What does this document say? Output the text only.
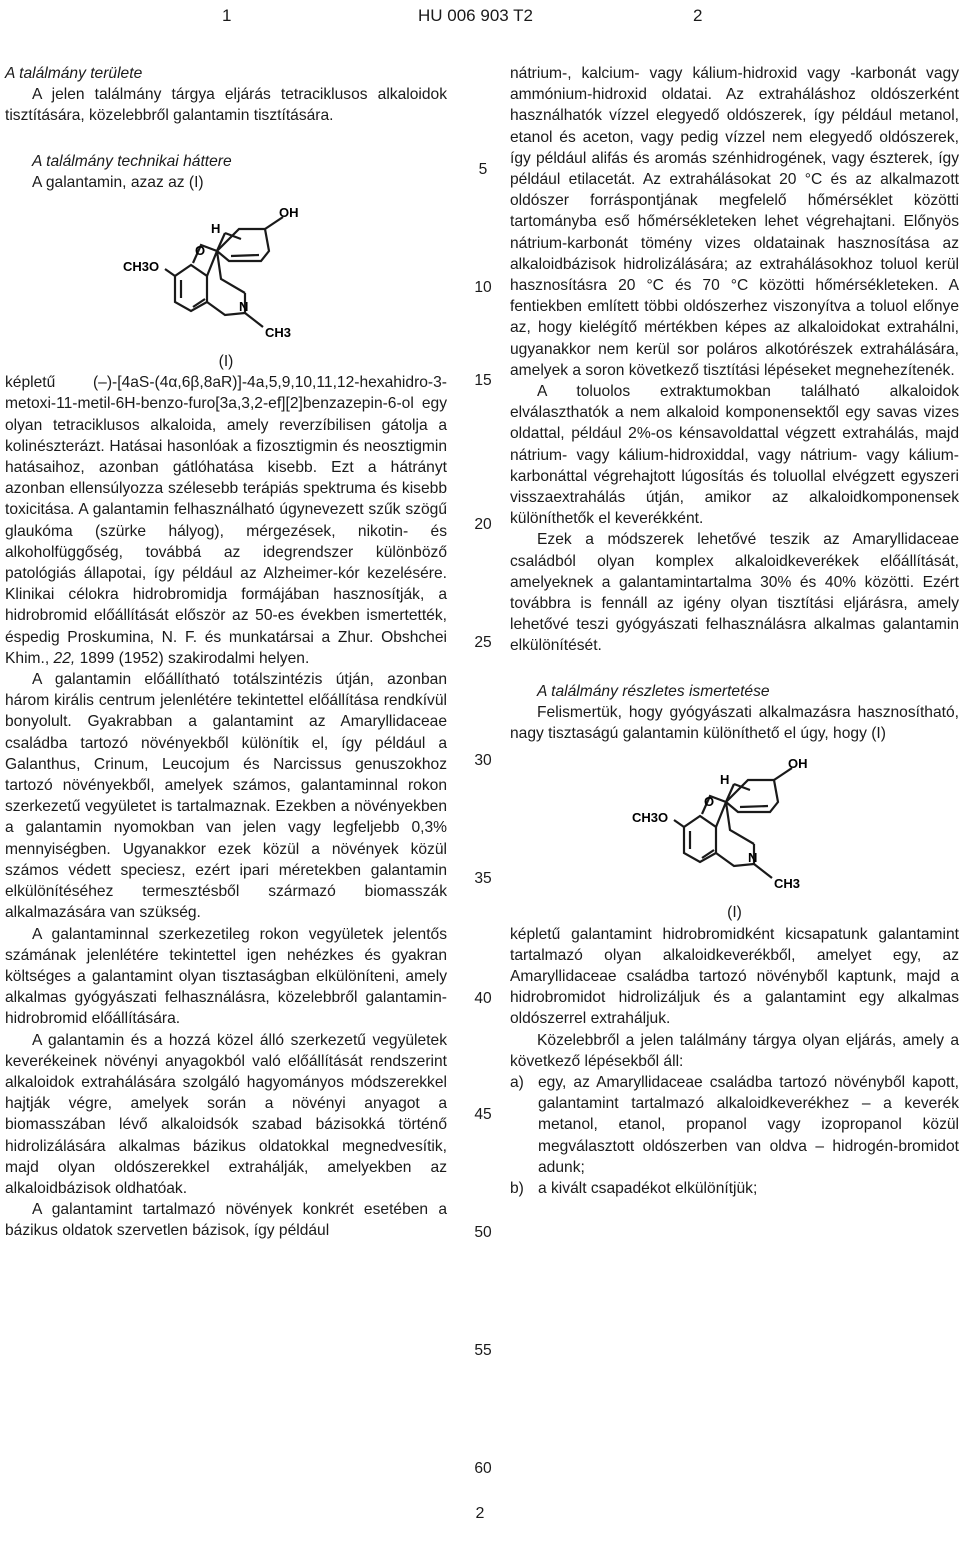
1	HU 006 903 T2	2
5
10
15
20
25
30
35
40
45
50
55
60

A találmány területe

A jelen találmány tárgya eljárás tetraciklusos alkaloidok tisztítására, közelebbről galantamin tisztítására.

A találmány technikai háttere

A galantamin, azaz az (I)

OH
H
O
CH3O
N
CH3

(I)

képletű (–)-[4aS-(4α,6β,8aR)]-4a,5,9,10,11,12-hexahidro-3-metoxi-11-metil-6H-benzo-furo[3a,3,2-ef][2]benzazepin-6-ol egy olyan tetraciklusos alkaloida, amely reverzíbilisen gátolja a kolinészterázt. Hatásai hasonlóak a fizosztigmin és neosztigmin hatásaihoz, azonban gátlóhatása kisebb. Ezt a hátrányt azonban ellensúlyozza szélesebb terápiás spektruma és kisebb toxicitása. A galantamin felhasználható úgynevezett szűk szögű glaukóma (szürke hályog), mérgezések, nikotin- és alkoholfüggőség, továbbá az idegrendszer különböző patológiás állapotai, így például az Alzheimer-kór kezelésére. Klinikai célokra hidrobromidja formájában hasznosítják, a hidrobromid előállítását először az 50-es években ismertették, éspedig Proskumina, N. F. és munkatársai a Zhur. Obshchei Khim., 22, 1899 (1952) szakirodalmi helyen.

A galantamin előállítható totálszintézis útján, azonban három királis centrum jelenlétére tekintettel előállítása rendkívül bonyolult. Gyakrabban a galantamint az Amaryllidaceae családba tartozó növényekből különítik el, így például a Galanthus, Crinum, Leucojum és Narcissus genuszokhoz tartozó növényekből, amelyek számos, galantaminnal rokon szerkezetű vegyületet is tartalmaznak. Ezekben a növényekben a galantamin nyomokban van jelen vagy legfeljebb 0,3% mennyiségben. Ugyanakkor ezek közül a növények közül számos védett speciesz, ezért ipari méretekben galantamin elkülönítéséhez termesztésből származó biomasszák alkalmazására van szükség.

A galantaminnal szerkezetileg rokon vegyületek jelentős számának jelenlétére tekintettel igen nehézkes és gyakran költséges a galantamint olyan tisztaságban elkülöníteni, amely alkalmas gyógyászati felhasználásra, közelebbről galantamin-hidrobromid előállítására.

A galantamin és a hozzá közel álló szerkezetű vegyületek keverékeinek növényi anyagokból való előállítását rendszerint alkaloidok extrahálására szolgáló hagyományos módszerekkel hajtják végre, amelyek során a növényi anyagot a biomasszában lévő alkaloidsók szabad bázisokká történő hidrolizálására alkalmas bázikus oldatokkal megnedvesítik, majd olyan oldószerekkel extrahálják, amelyekben az alkaloidbázisok oldhatóak.

A galantamint tartalmazó növények konkrét esetében a bázikus oldatok szervetlen bázisok, így például

nátrium-, kalcium- vagy kálium-hidroxid vagy -karbonát vagy ammónium-hidroxid oldatai. Az extraháláshoz oldószerként használhatók vízzel elegyedő oldószerek, így például metanol, etanol és aceton, vagy pedig vízzel nem elegyedő oldószerek, így például alifás és aromás szénhidrogének, vagy észterek, így például etilacetát. Az extrahálásokat 20 °C és az alkalmazott oldószer forráspontjának megfelelő hőmérséklet közötti tartományba eső hőmérsékleteken lehet végrehajtani. Előnyös nátrium-karbonát tömény vizes oldatainak hasznosítása az alkaloidbázisok hidrolizálására; az extrahálásokhoz toluol kerül hasznosításra 20 °C és 70 °C közötti hőmérsékleteken. A fentiekben említett többi oldószerhez viszonyítva a toluol előnye az, hogy kielégítő mértékben képes az alkaloidokat extrahálni, ugyanakkor nem kerül sor poláros alkotórészek extrahálására, amelyek a soron következő tisztítási lépéseket megnehezítenék.

A toluolos extraktumokban található alkaloidok elválaszthatók a nem alkaloid komponensektől egy savas vizes oldattal, például 2%-os kénsavoldattal végzett extrahálás, majd nátrium- vagy kálium-hidroxiddal, vagy nátrium- vagy kálium-karbonáttal végrehajtott lúgosítás és toluollal elvégzett egyszeri visszaextrahálás útján, amikor az alkaloidkomponensek különíthetők el keverékként.

Ezek a módszerek lehetővé teszik az Amaryllidaceae családból olyan komplex alkaloidkeverékek előállítását, amelyeknek a galantamintartalma 30% és 40% közötti. Ezért továbbra is fennáll az igény olyan tisztítási eljárásra, amely lehetővé teszi gyógyászati felhasználásra alkalmas galantamin elkülönítését.

A találmány részletes ismertetése

Felismertük, hogy gyógyászati alkalmazásra hasznosítható, nagy tisztaságú galantamin különíthető el úgy, hogy (I)

OH
H
O
CH3O
N
CH3

(I)

képletű galantamint hidrobromidként kicsapatunk galantamint tartalmazó olyan alkaloidkeverékből, amelyet egy, az Amaryllidaceae családba tartozó növényből kaptunk, majd a hidrobromidot hidrolizáljuk és a galantamint egy alkalmas oldószerrel extraháljuk.

Közelebbről a jelen találmány tárgya olyan eljárás, amely a következő lépésekből áll:

a) egy, az Amaryllidaceae családba tartozó növényből kapott, galantamint tartalmazó alkaloidkeverékhez – a keverék metanol, etanol, propanol vagy izopropanol közül megválasztott oldószerben van oldva – hidrogén-bromidot adunk;
b) a kivált csapadékot elkülönítjük;
2
